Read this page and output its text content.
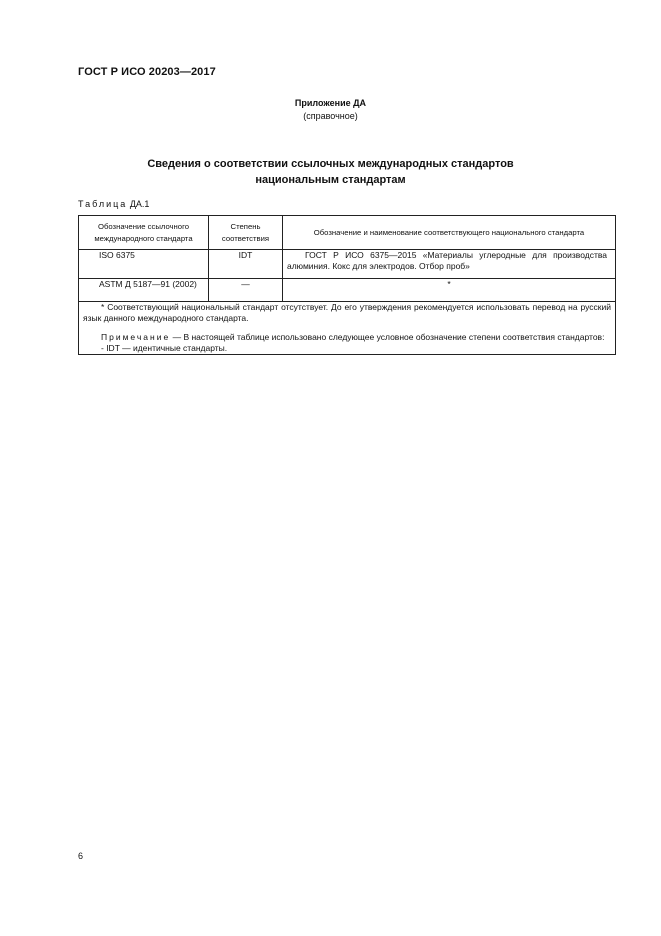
ГОСТ Р ИСО 20203—2017
Приложение ДА
(справочное)
Сведения о соответствии ссылочных международных стандартов
национальным стандартам
Таблица ДА.1
Обозначение ссылочного международного стандарта	Степень соответствия	Обозначение и наименование соответствующего национального стандарта
ISO 6375	IDT	ГОСТ Р ИСО 6375—2015 «Материалы углеродные для производства алюминия. Кокс для электродов. Отбор проб»
ASTM Д 5187—91 (2002)	—	*

* Соответствующий национальный стандарт отсутствует. До его утверждения рекомендуется использовать перевод на русский язык данного международного стандарта.

Примечание — В настоящей таблице использовано следующее условное обозначение степени соответствия стандартов:

- IDT — идентичные стандарты.		

6
